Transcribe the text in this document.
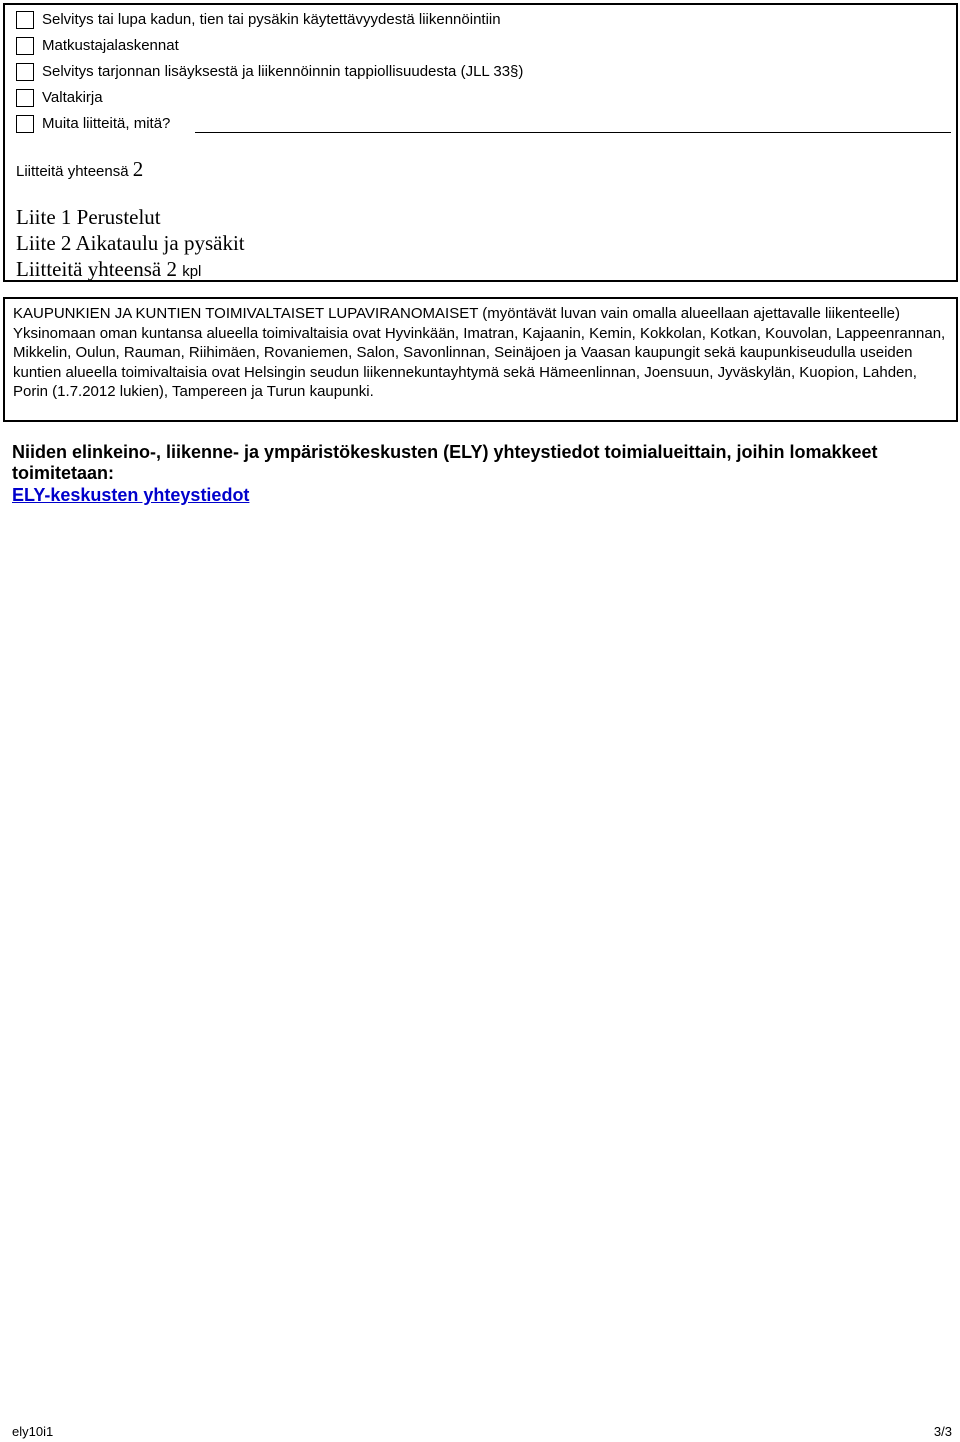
Selvitys tai lupa kadun, tien tai pysäkin käytettävyydestä liikennöintiin
Matkustajalaskennat
Selvitys tarjonnan lisäyksestä ja liikennöinnin tappiollisuudesta (JLL 33§)
Valtakirja
Muita liitteitä, mitä?
Liitteitä yhteensä 2
Liite 1 Perustelut
Liite 2 Aikataulu ja pysäkit
Liitteitä yhteensä 2 kpl
KAUPUNKIEN JA KUNTIEN TOIMIVALTAISET LUPAVIRANOMAISET (myöntävät luvan vain omalla alueellaan ajettavalle liikenteelle)
Yksinomaan oman kuntansa alueella toimivaltaisia ovat Hyvinkään, Imatran, Kajaanin, Kemin, Kokkolan, Kotkan, Kouvolan, Lappeenrannan, Mikkelin, Oulun, Rauman, Riihimäen, Rovaniemen, Salon, Savonlinnan, Seinäjoen ja Vaasan kaupungit sekä kaupunkiseudulla useiden kuntien alueella toimivaltaisia ovat Helsingin seudun liikennekuntayhtymä sekä Hämeenlinnan, Joensuun, Jyväskylän, Kuopion, Lahden, Porin (1.7.2012 lukien), Tampereen ja Turun kaupunki.
Niiden elinkeino-, liikenne- ja ympäristökeskusten (ELY) yhteystiedot toimialueittain, joihin lomakkeet toimitetaan:
ELY-keskusten yhteystiedot
ely10i1	3/3
